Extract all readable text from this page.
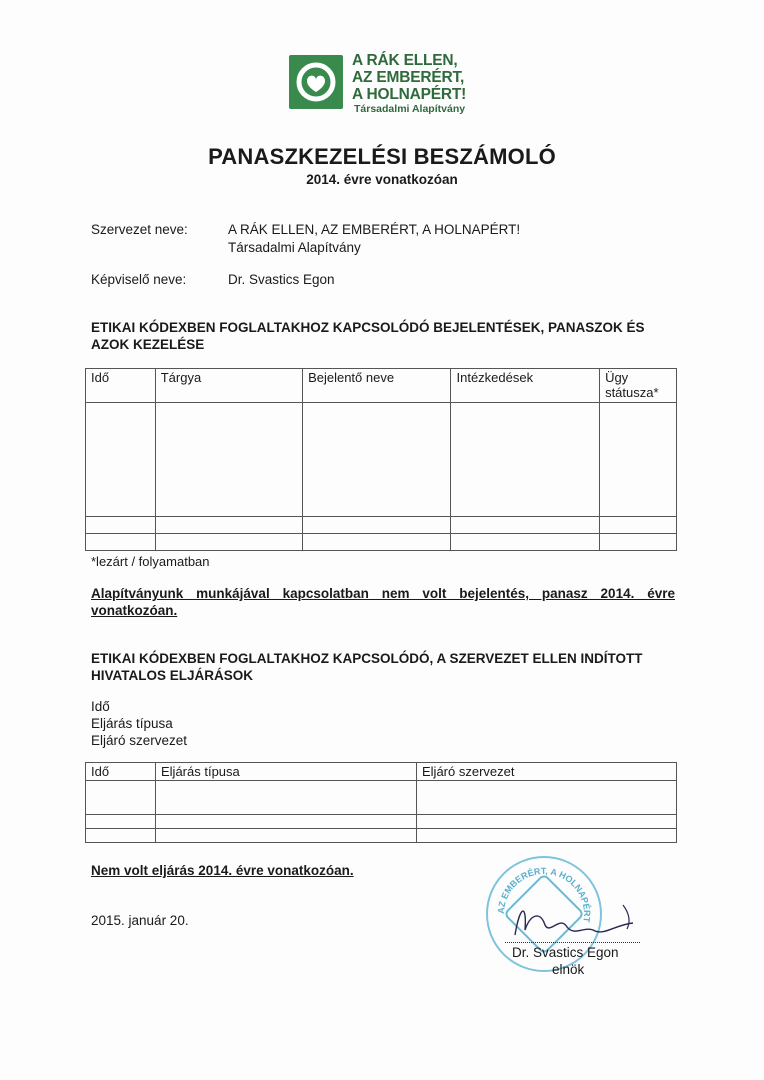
A RÁK ELLEN,
AZ EMBERÉRT,
A HOLNAPÉRT!
Társadalmi Alapítvány
PANASZKEZELÉSI BESZÁMOLÓ
2014. évre vonatkozóan
Szervezet neve:	A RÁK ELLEN, AZ EMBERÉRT, A HOLNAPÉRT!
Társadalmi Alapítvány
Képviselő neve:	Dr. Svastics Egon
ETIKAI KÓDEXBEN FOGLALTAKHOZ KAPCSOLÓDÓ BEJELENTÉSEK, PANASZOK ÉS
AZOK KEZELÉSE
Idő	Tárgya	Bejelentő neve	Intézkedések	Ügy státusza*

*lezárt / folyamatban
Alapítványunk munkájával kapcsolatban nem volt bejelentés, panasz 2014. évre
vonatkozóan.
ETIKAI KÓDEXBEN FOGLALTAKHOZ KAPCSOLÓDÓ, A SZERVEZET ELLEN INDÍTOTT
HIVATALOS ELJÁRÁSOK
Idő
Eljárás típusa
Eljáró szervezet
Idő	Eljárás típusa	Eljáró szervezet

Nem volt eljárás 2014. évre vonatkozóan.
2015. január 20.
AZ EMBERÉRT, A HOLNAPÉRT
Dr. Svastics Egon
elnök
